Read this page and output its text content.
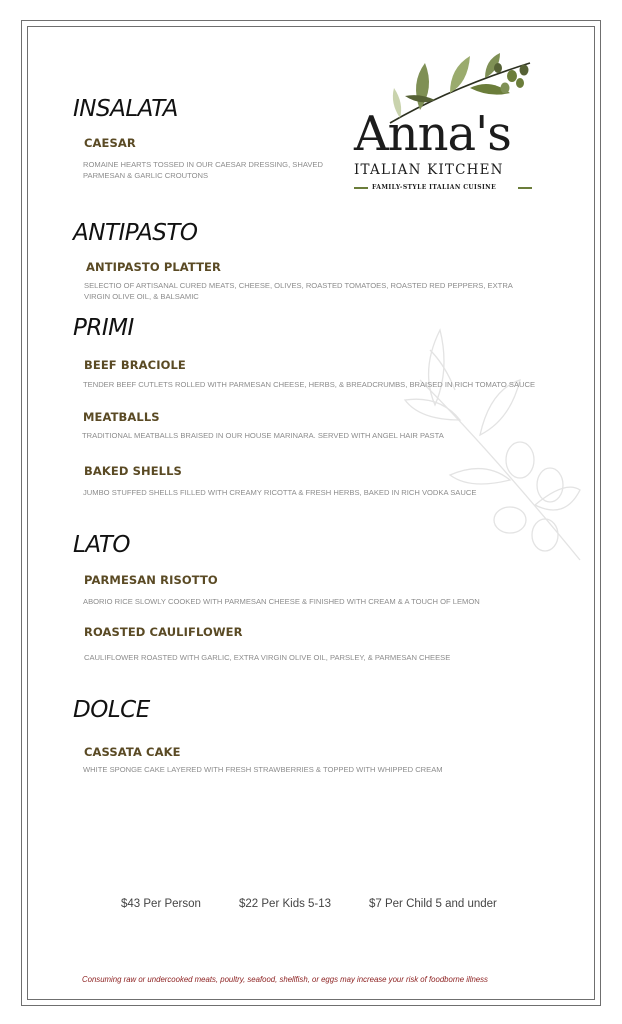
Anna's
ITALIAN KITCHEN
FAMILY-STYLE ITALIAN CUISINE
INSALATA
CAESAR
ROMAINE HEARTS TOSSED IN OUR CAESAR DRESSING, SHAVED PARMESAN & GARLIC CROUTONS
ANTIPASTO
ANTIPASTO PLATTER
SELECTIO OF ARTISANAL CURED MEATS, CHEESE, OLIVES, ROASTED TOMATOES, ROASTED RED PEPPERS, EXTRA VIRGIN OLIVE OIL, & BALSAMIC
PRIMI
BEEF BRACIOLE
TENDER BEEF CUTLETS ROLLED WITH PARMESAN CHEESE, HERBS, & BREADCRUMBS, BRAISED IN RICH TOMATO SAUCE
MEATBALLS
TRADITIONAL MEATBALLS BRAISED IN OUR HOUSE MARINARA. SERVED WITH ANGEL HAIR PASTA
BAKED SHELLS
JUMBO STUFFED SHELLS FILLED WITH CREAMY RICOTTA & FRESH HERBS, BAKED IN RICH VODKA SAUCE
LATO
PARMESAN RISOTTO
ABORIO RICE SLOWLY COOKED WITH PARMESAN CHEESE & FINISHED WITH CREAM & A TOUCH OF LEMON
ROASTED CAULIFLOWER
CAULIFLOWER ROASTED WITH GARLIC, EXTRA VIRGIN OLIVE OIL, PARSLEY, & PARMESAN CHEESE
DOLCE
CASSATA CAKE
WHITE SPONGE CAKE LAYERED WITH FRESH STRAWBERRIES & TOPPED WITH WHIPPED CREAM
$43 Per Person	$22 Per Kids 5-13	$7 Per Child 5 and under
Consuming raw or undercooked meats, poultry, seafood, shellfish, or eggs may increase your risk of foodborne illness
